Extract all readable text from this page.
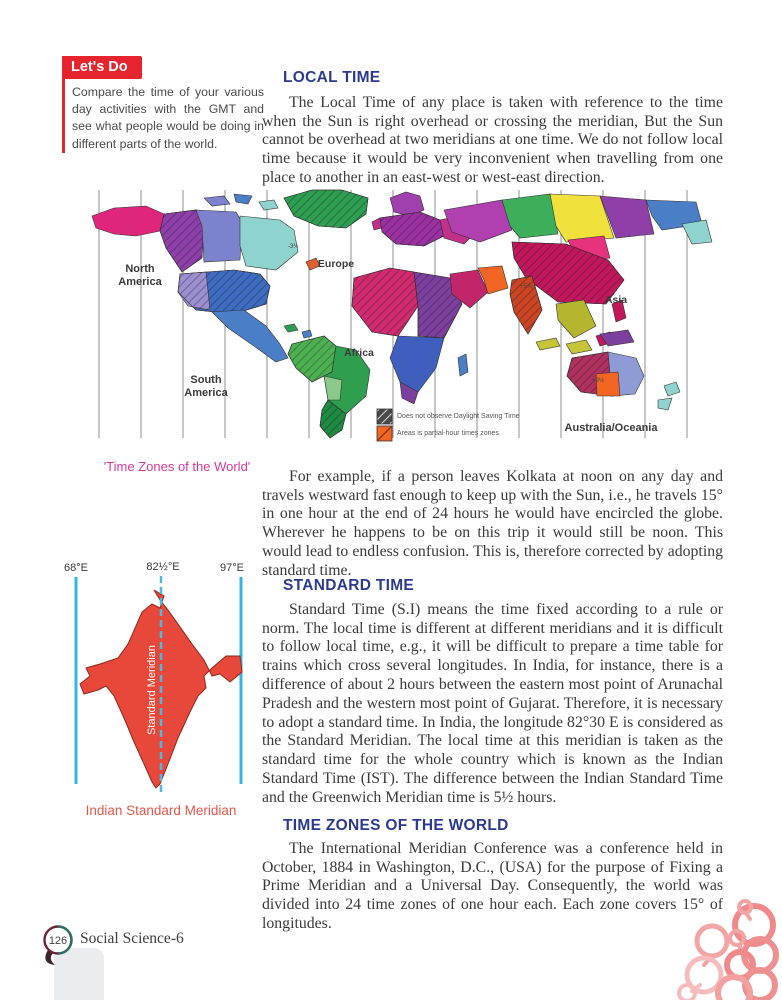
Let's Do

Compare the time of your various day activities with the GMT and see what people would be doing in different parts of the world.

LOCAL TIME

The Local Time of any place is taken with reference to the time when the Sun is right overhead or crossing the meridian, But the Sun cannot be overhead at two meridians at one time. We do not follow local time because it would be very inconvenient when travelling from one place to another in an east-west or west-east direction.

North
America
South
America
Europe
Africa
Asia
Australia/Oceania
-3½
+5¾
+9½
Does not observe Daylight Saving Time
Areas is partial-hour times zones
'Time Zones of the World'

For example, if a person leaves Kolkata at noon on any day and travels westward fast enough to keep up with the Sun, i.e., he travels 15° in one hour at the end of 24 hours he would have encircled the globe. Wherever he happens to be on this trip it would still be noon. This would lead to endless confusion. This is, therefore corrected by adopting standard time.

STANDARD TIME

Standard Time (S.I) means the time fixed according to a rule or norm. The local time is different at different meridians and it is difficult to follow local time, e.g., it will be difficult to prepare a time table for trains which cross several longitudes. In India, for instance, there is a difference of about 2 hours between the eastern most point of Arunachal Pradesh and the western most point of Gujarat. Therefore, it is necessary to adopt a standard time. In India, the longitude 82°30 E is considered as the Standard Meridian. The local time at this meridian is taken as the standard time for the whole country which is known as the Indian Standard Time (IST). The difference between the Indian Standard Time and the Greenwich Meridian time is 5½ hours.

68°E	82½°E	97°E
Standard Meridian
Indian Standard Meridian
TIME ZONES OF THE WORLD

The International Meridian Conference was a conference held in October, 1884 in Washington, D.C., (USA) for the purpose of Fixing a Prime Meridian and a Universal Day. Consequently, the world was divided into 24 time zones of one hour each. Each zone covers 15° of longitudes.

126 Social Science-6
